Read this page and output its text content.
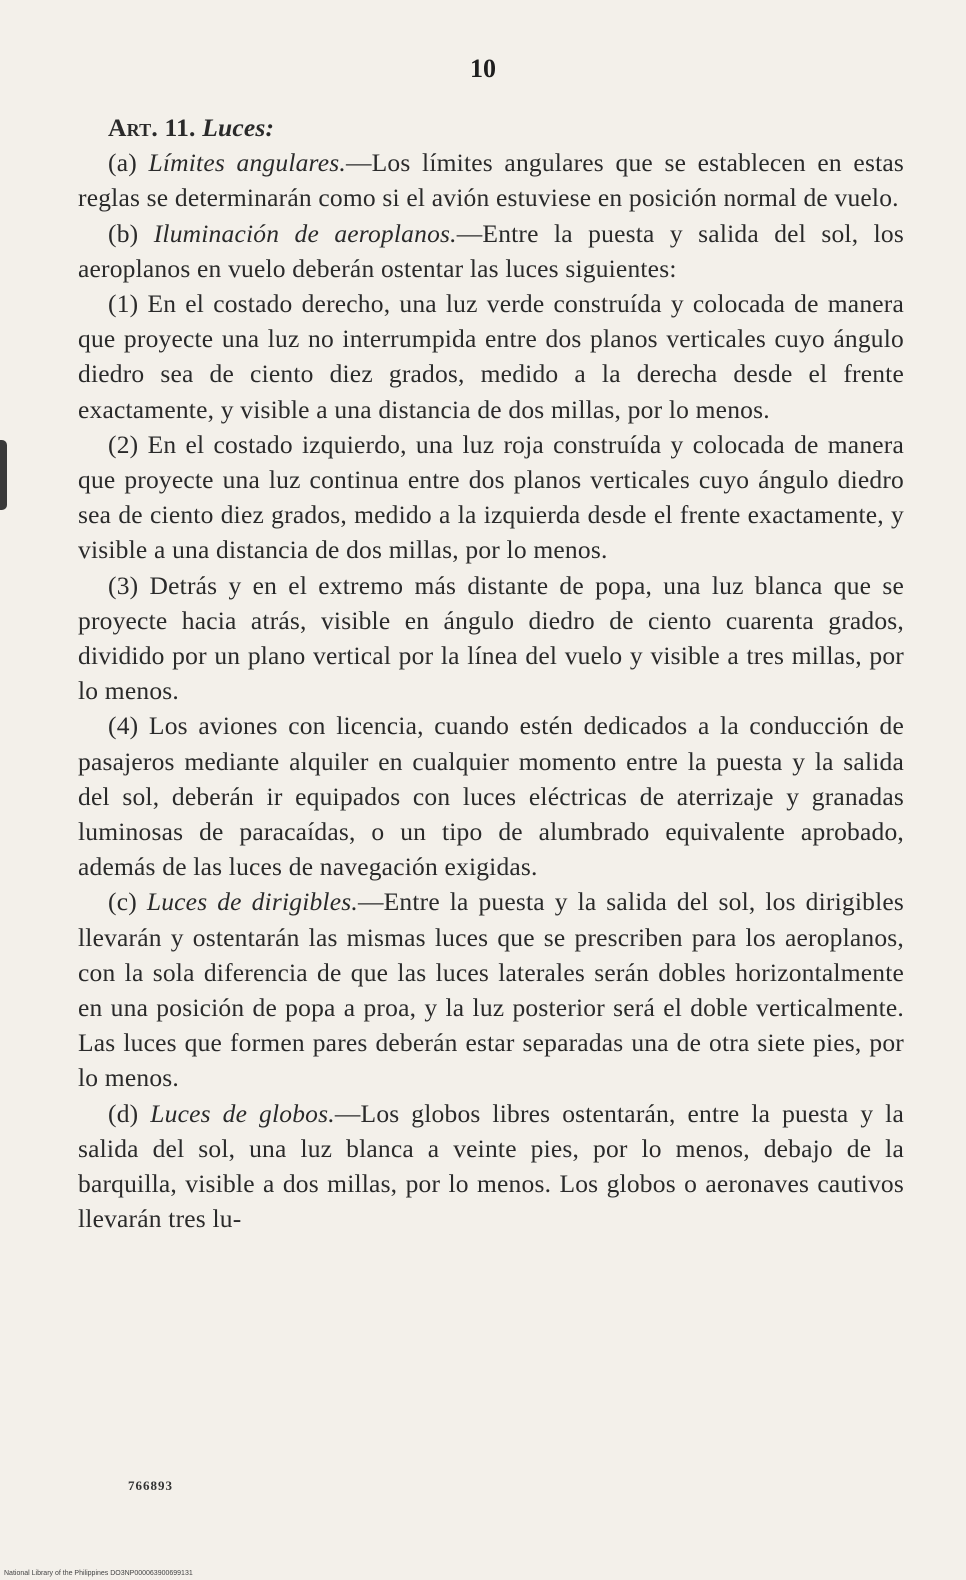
10

Art. 11. Luces:

(a) Límites angulares.—Los límites angulares que se establecen en estas reglas se determinarán como si el avión estuviese en posición normal de vuelo.

(b) Iluminación de aeroplanos.—Entre la puesta y salida del sol, los aeroplanos en vuelo deberán ostentar las luces siguientes:

(1) En el costado derecho, una luz verde construída y colocada de manera que proyecte una luz no interrumpida entre dos planos verticales cuyo ángulo diedro sea de ciento diez grados, medido a la derecha desde el frente exactamente, y visible a una distancia de dos millas, por lo menos.

(2) En el costado izquierdo, una luz roja construída y colocada de manera que proyecte una luz continua entre dos planos verticales cuyo ángulo diedro sea de ciento diez grados, medido a la izquierda desde el frente exactamente, y visible a una distancia de dos millas, por lo menos.

(3) Detrás y en el extremo más distante de popa, una luz blanca que se proyecte hacia atrás, visible en ángulo diedro de ciento cuarenta grados, dividido por un plano vertical por la línea del vuelo y visible a tres millas, por lo menos.

(4) Los aviones con licencia, cuando estén dedicados a la conducción de pasajeros mediante alquiler en cualquier momento entre la puesta y la salida del sol, deberán ir equipados con luces eléctricas de aterrizaje y granadas luminosas de paracaídas, o un tipo de alumbrado equivalente aprobado, además de las luces de navegación exigidas.

(c) Luces de dirigibles.—Entre la puesta y la salida del sol, los dirigibles llevarán y ostentarán las mismas luces que se prescriben para los aeroplanos, con la sola diferencia de que las luces laterales serán dobles horizontalmente en una posición de popa a proa, y la luz posterior será el doble verticalmente. Las luces que formen pares deberán estar separadas una de otra siete pies, por lo menos.

(d) Luces de globos.—Los globos libres ostentarán, entre la puesta y la salida del sol, una luz blanca a veinte pies, por lo menos, debajo de la barquilla, visible a dos millas, por lo menos. Los globos o aeronaves cautivos llevarán tres lu-

766893
National Library of the Philippines DO3NP000063900699131
